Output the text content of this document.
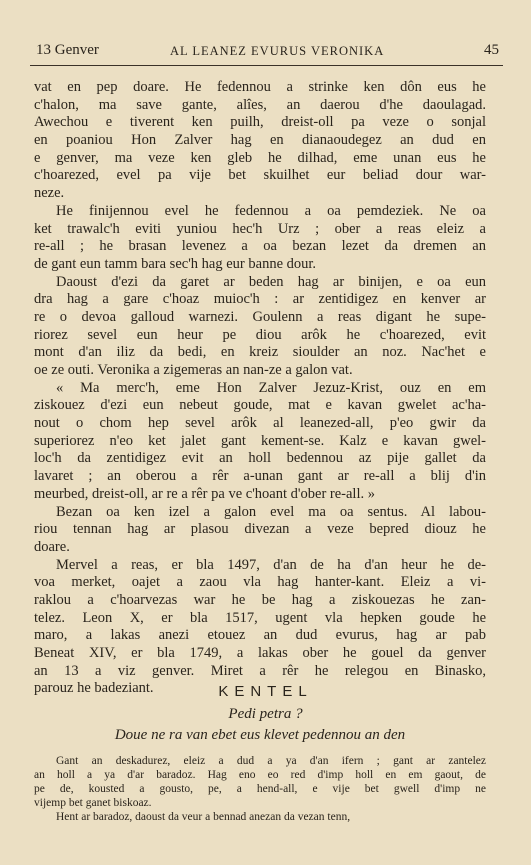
13 Genver	AL LEANEZ EVURUS VERONIKA	45
vat en pep doare. He fedennou a strinke ken dôn eus he
c'halon, ma save gante, alîes, an daerou d'he daoulagad.
Awechou e tiverent ken puilh, dreist-oll pa veze o sonjal
en poaniou Hon Zalver hag en dianaoudegez an dud en
e genver, ma veze ken gleb he dilhad, eme unan eus he
c'hoarezed, evel pa vije bet skuilhet eur beliad dour war-
neze.
He finijennou evel he fedennou a oa pemdeziek. Ne oa
ket trawalc'h eviti yuniou hec'h Urz ; ober a reas eleiz a
re-all ; he brasan levenez a oa bezan lezet da dremen an
de gant eun tamm bara sec'h hag eur banne dour.
Daoust d'ezi da garet ar beden hag ar binijen, e oa eun
dra hag a gare c'hoaz muioc'h : ar zentidigez en kenver ar
re o devoa galloud warnezi. Goulenn a reas digant he supe-
riorez sevel eun heur pe diou arôk he c'hoarezed, evit
mont d'an iliz da bedi, en kreiz sioulder an noz. Nac'het e
oe ze outi. Veronika a zigemeras an nan-ze a galon vat.
« Ma merc'h, eme Hon Zalver Jezuz-Krist, ouz en em
ziskouez d'ezi eun nebeut goude, mat e kavan gwelet ac'ha-
nout o chom hep sevel arôk al leanezed-all, p'eo gwir da
superiorez n'eo ket jalet gant kement-se. Kalz e kavan gwel-
loc'h da zentidigez evit an holl bedennou az pije gallet da
lavaret ; an oberou a rêr a-unan gant ar re-all a blij d'in
meurbed, dreist-oll, ar re a rêr pa ve c'hoant d'ober re-all. »
Bezan oa ken izel a galon evel ma oa sentus. Al labou-
riou tennan hag ar plasou divezan a veze bepred diouz he
doare.
Mervel a reas, er bla 1497, d'an de ha d'an heur he de-
voa merket, oajet a zaou vla hag hanter-kant. Eleiz a vi-
raklou a c'hoarvezas war he be hag a ziskouezas he zan-
telez. Leon X, er bla 1517, ugent vla hepken goude he
maro, a lakas anezi etouez an dud evurus, hag ar pab
Beneat XIV, er bla 1749, a lakas ober he gouel da genver
an 13 a viz genver. Miret a rêr he relegou en Binasko,
parouz he badeziant.	KENTEL
Pedi petra ?
Doue ne ra van ebet eus klevet pedennou an den
Gant an deskadurez, eleiz a dud a ya d'an ifern ; gant ar zantelez
an holl a ya d'ar baradoz. Hag eno eo red d'imp holl en em gaout, de
pe de, kousted a gousto, pe, a hend-all, e vije bet gwell d'imp ne
vijemp bet ganet biskoaz.
Hent ar baradoz, daoust da veur a bennad anezan da vezan tenn,
